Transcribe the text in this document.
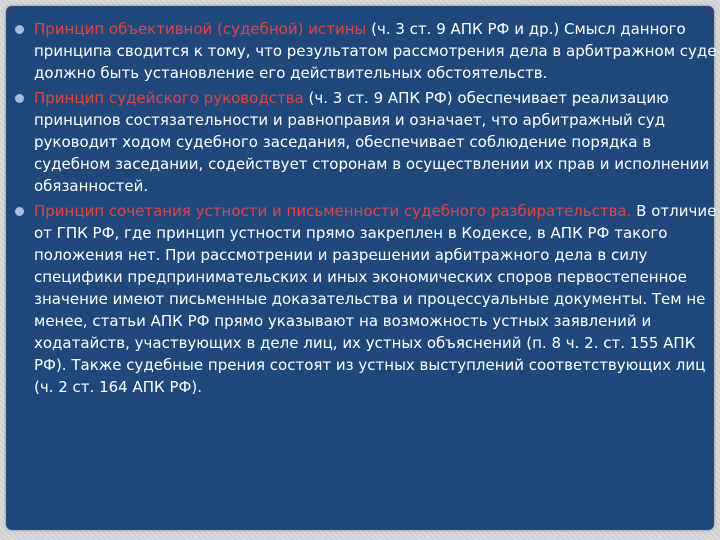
Принцип объективной (судебной) истины (ч. 3 ст. 9 АПК РФ и др.) Смысл данного принципа сводится к тому, что результатом рассмотрения дела в арбитражном суде должно быть установление его действительных обстоятельств.
Принцип судейского руководства (ч. 3 ст. 9 АПК РФ) обеспечивает реализацию принципов состязательности и равноправия и означает, что арбитражный суд руководит ходом судебного заседания, обеспечивает соблюдение порядка в судебном заседании, содействует сторонам в осуществлении их прав и исполнении обязанностей.
Принцип сочетания устности и письменности судебного разбирательства. В отличие от ГПК РФ, где принцип устности прямо закреплен в Кодексе, в АПК РФ такого положения нет. При рассмотрении и разрешении арбитражного дела в силу специфики предпринимательских и иных экономических споров первостепенное значение имеют письменные доказательства и процессуальные документы. Тем не менее, статьи АПК РФ прямо указывают на возможность устных заявлений и ходатайств, участвующих в деле лиц, их устных объяснений (п. 8 ч. 2. ст. 155 АПК РФ). Также судебные прения состоят из устных выступлений соответствующих лиц (ч. 2 ст. 164 АПК РФ).
